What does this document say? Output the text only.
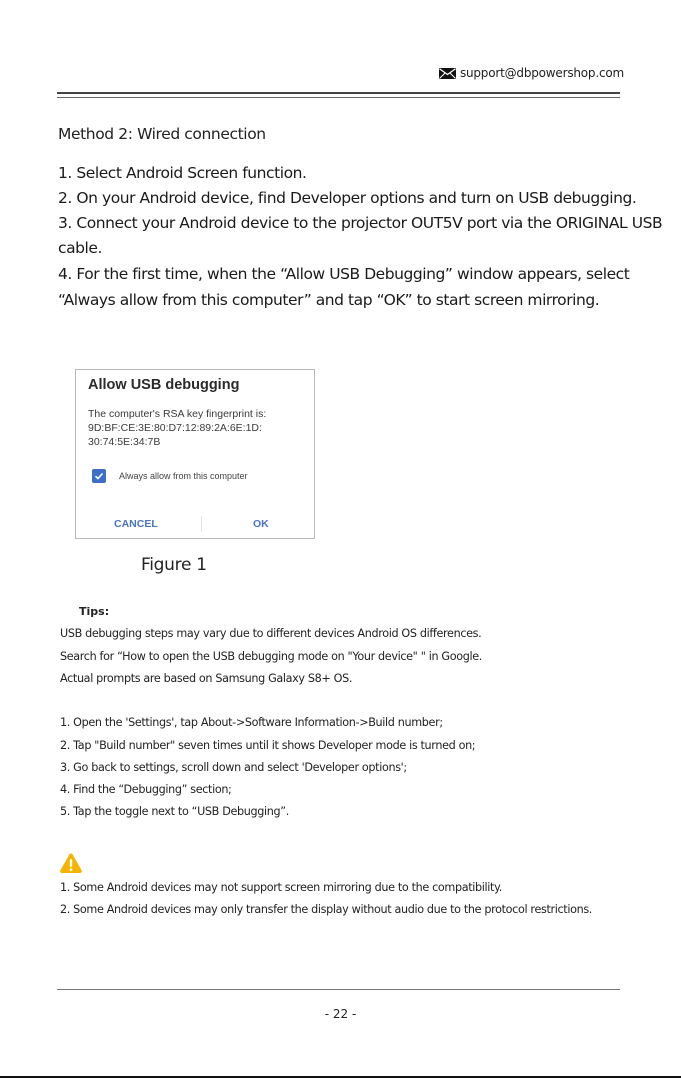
support@dbpowershop.com
Method 2: Wired connection
1. Select Android Screen function.
2. On your Android device, find Developer options and turn on USB debugging.
3. Connect your Android device to the projector OUT5V port via the ORIGINAL USB
cable.
4. For the first time, when the “Allow USB Debugging” window appears, select
“Always allow from this computer” and tap “OK” to start screen mirroring.
Allow USB debugging
The computer's RSA key fingerprint is:
9D:BF:CE:3E:80:D7:12:89:2A:6E:1D:
30:74:5E:34:7B
Always allow from this computer
CANCEL	OK
Figure 1
Tips:
USB debugging steps may vary due to different devices Android OS differences.
Search for “How to open the USB debugging mode on "Your device" " in Google.
Actual prompts are based on Samsung Galaxy S8+ OS.
1. Open the 'Settings', tap About->Software Information->Build number;
2. Tap "Build number" seven times until it shows Developer mode is turned on;
3. Go back to settings, scroll down and select 'Developer options';
4. Find the “Debugging” section;
5. Tap the toggle next to “USB Debugging”.
1. Some Android devices may not support screen mirroring due to the compatibility.
2. Some Android devices may only transfer the display without audio due to the protocol restrictions.
- 22 -
